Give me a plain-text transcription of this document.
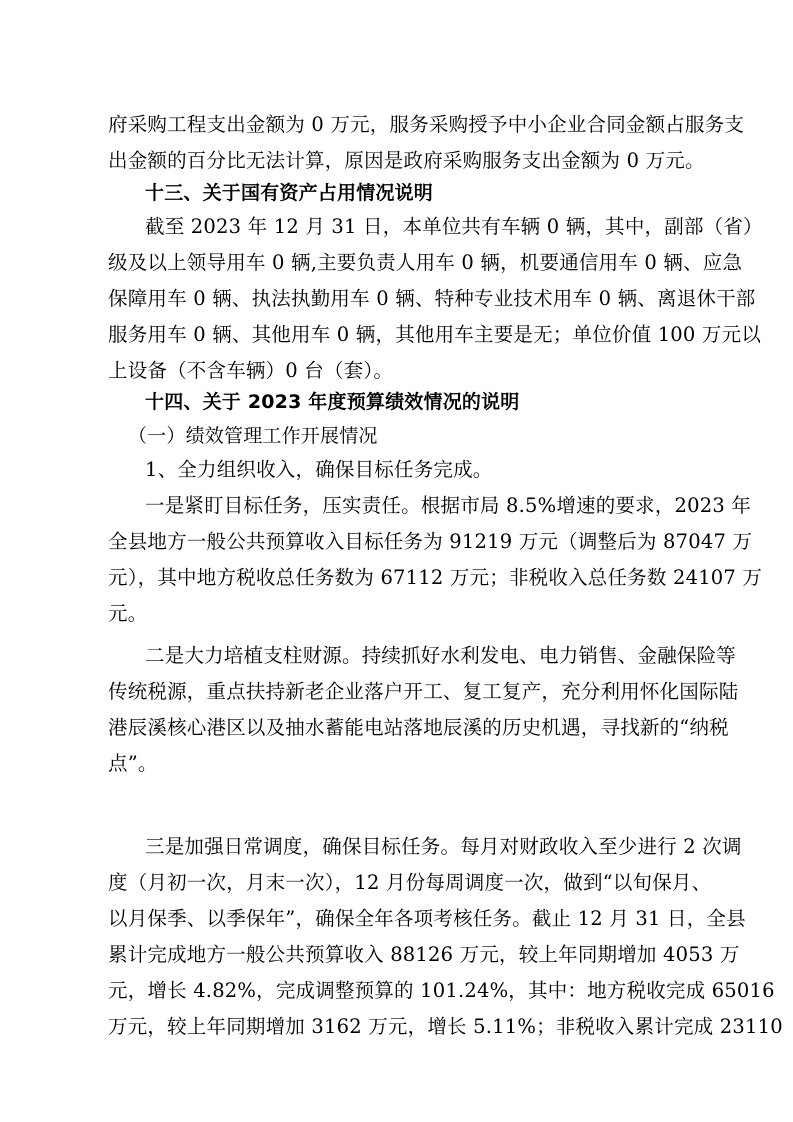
府采购工程支出金额为 0 万元，服务采购授予中小企业合同金额占服务支
出金额的百分比无法计算，原因是政府采购服务支出金额为 0 万元。
十三、关于国有资产占用情况说明
截至 2023 年 12 月 31 日，本单位共有车辆 0 辆，其中，副部（省）
级及以上领导用车 0 辆,主要负责人用车 0 辆，机要通信用车 0 辆、应急
保障用车 0 辆、执法执勤用车 0 辆、特种专业技术用车 0 辆、离退休干部
服务用车 0 辆、其他用车 0 辆，其他用车主要是无；单位价值 100 万元以
上设备（不含车辆）0 台（套）。
十四、关于 2023 年度预算绩效情况的说明
（一）绩效管理工作开展情况
1、全力组织收入，确保目标任务完成。
一是紧盯目标任务，压实责任。根据市局 8.5%增速的要求，2023 年
全县地方一般公共预算收入目标任务为 91219 万元（调整后为 87047 万
元），其中地方税收总任务数为 67112 万元；非税收入总任务数 24107 万
元。
二是大力培植支柱财源。持续抓好水利发电、电力销售、金融保险等
传统税源，重点扶持新老企业落户开工、复工复产，充分利用怀化国际陆
港辰溪核心港区以及抽水蓄能电站落地辰溪的历史机遇，寻找新的“纳税
点”。
三是加强日常调度，确保目标任务。每月对财政收入至少进行 2 次调
度（月初一次，月末一次），12 月份每周调度一次，做到“以旬保月、
以月保季、以季保年”，确保全年各项考核任务。截止 12 月 31 日，全县
累计完成地方一般公共预算收入 88126 万元，较上年同期增加 4053 万
元，增长 4.82%，完成调整预算的 101.24%，其中：地方税收完成 65016
万元，较上年同期增加 3162 万元，增长 5.11%；非税收入累计完成 23110
